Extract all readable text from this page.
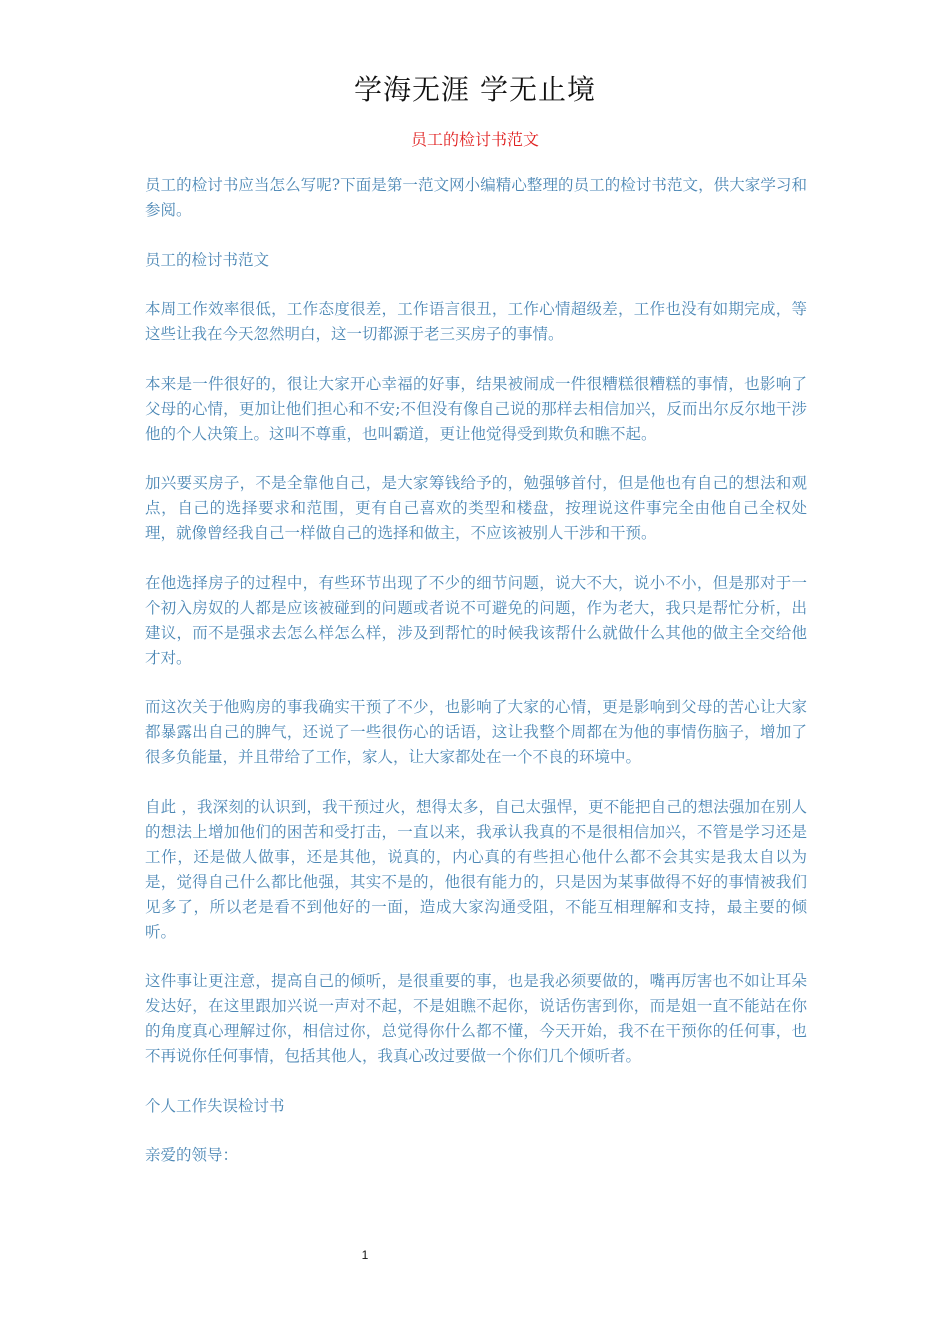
学海无涯 学无止境
员工的检讨书范文

员工的检讨书应当怎么写呢?下面是第一范文网小编精心整理的员工的检讨书范文，供大家学习和参阅。

员工的检讨书范文

本周工作效率很低，工作态度很差，工作语言很丑，工作心情超级差，工作也没有如期完成，等这些让我在今天忽然明白，这一切都源于老三买房子的事情。

本来是一件很好的，很让大家开心幸福的好事，结果被闹成一件很糟糕很糟糕的事情，也影响了父母的心情，更加让他们担心和不安;不但没有像自己说的那样去相信加兴，反而出尔反尔地干涉他的个人决策上。这叫不尊重，也叫霸道，更让他觉得受到欺负和瞧不起。

加兴要买房子，不是全靠他自己，是大家筹钱给予的，勉强够首付，但是他也有自己的想法和观点，自己的选择要求和范围，更有自己喜欢的类型和楼盘，按理说这件事完全由他自己全权处理，就像曾经我自己一样做自己的选择和做主，不应该被别人干涉和干预。

在他选择房子的过程中，有些环节出现了不少的细节问题，说大不大，说小不小，但是那对于一个初入房奴的人都是应该被碰到的问题或者说不可避免的问题，作为老大，我只是帮忙分析，出建议，而不是强求去怎么样怎么样，涉及到帮忙的时候我该帮什么就做什么其他的做主全交给他才对。

而这次关于他购房的事我确实干预了不少，也影响了大家的心情，更是影响到父母的苦心让大家都暴露出自己的脾气，还说了一些很伤心的话语，这让我整个周都在为他的事情伤脑子，增加了很多负能量，并且带给了工作，家人，让大家都处在一个不良的环境中。

自此 ，我深刻的认识到，我干预过火，想得太多，自己太强悍，更不能把自己的想法强加在别人的想法上增加他们的困苦和受打击，一直以来，我承认我真的不是很相信加兴，不管是学习还是工作，还是做人做事，还是其他，说真的，内心真的有些担心他什么都不会其实是我太自以为是，觉得自己什么都比他强，其实不是的，他很有能力的，只是因为某事做得不好的事情被我们见多了，所以老是看不到他好的一面，造成大家沟通受阻，不能互相理解和支持，最主要的倾听。

这件事让更注意，提高自己的倾听，是很重要的事，也是我必须要做的，嘴再厉害也不如让耳朵发达好，在这里跟加兴说一声对不起，不是姐瞧不起你，说话伤害到你，而是姐一直不能站在你的角度真心理解过你，相信过你，总觉得你什么都不懂，今天开始，我不在干预你的任何事，也不再说你任何事情，包括其他人，我真心改过要做一个你们几个倾听者。

个人工作失误检讨书

亲爱的领导：

1
